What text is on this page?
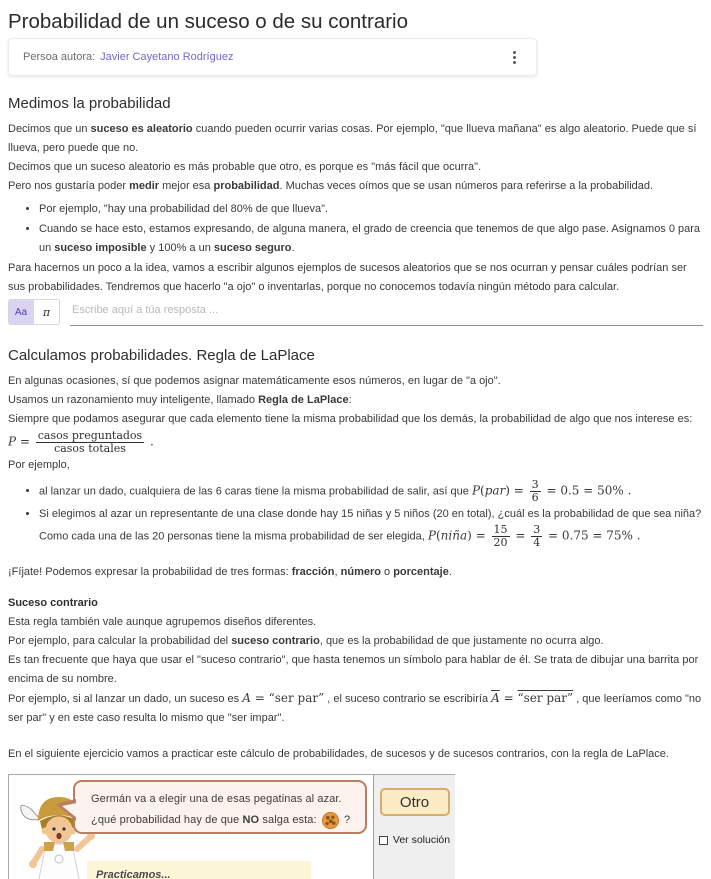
Probabilidad de un suceso o de su contrario
Persoa autora: Javier Cayetano Rodríguez
Medimos la probabilidad

Decimos que un suceso es aleatorio cuando pueden ocurrir varias cosas. Por ejemplo, "que llueva mañana" es algo aleatorio. Puede que sí llueva, pero puede que no.

Decimos que un suceso aleatorio es más probable que otro, es porque es "más fácil que ocurra".

Pero nos gustaría poder medir mejor esa probabilidad. Muchas veces oímos que se usan números para referirse a la probabilidad.

• Por ejemplo, "hay una probabilidad del 80% de que llueva".
• Cuando se hace esto, estamos expresando, de alguna manera, el grado de creencia que tenemos de que algo pase. Asignamos 0 para un suceso imposible y 100% a un suceso seguro.

Para hacernos un poco a la idea, vamos a escribir algunos ejemplos de sucesos aleatorios que se nos ocurran y pensar cuáles podrían ser sus probabilidades. Tendremos que hacerlo "a ojo" o inventarlas, porque no conocemos todavía ningún método para calcular.

Aa	π
Escribe aquí a túa resposta ...
Calculamos probabilidades. Regla de LaPlace

En algunas ocasiones, sí que podemos asignar matemáticamente esos números, en lugar de "a ojo".

Usamos un razonamiento muy inteligente, llamado Regla de LaPlace:

Siempre que podamos asegurar que cada elemento tiene la misma probabilidad que los demás, la probabilidad de algo que nos interese es:

$P = \frac{\text{casos preguntados}}{\text{casos totales}}$ .

Por ejemplo,

• al lanzar un dado, cualquiera de las 6 caras tiene la misma probabilidad de salir, así que $P(par) = \frac{3}{6} = 0.5 = 50\%$ .
• Si elegimos al azar un representante de una clase donde hay 15 niñas y 5 niños (20 en total), ¿cuál es la probabilidad de que sea niña?
Como cada una de las 20 personas tiene la misma probabilidad de ser elegida, P(niña) = $\frac{15}{20} = \frac{3}{4} = 0.75 = 75\%$ .

¡Fíjate! Podemos expresar la probabilidad de tres formas: fracción, número o porcentaje.

Suceso contrario

Esta regla también vale aunque agrupemos diseños diferentes.

Por ejemplo, para calcular la probabilidad del suceso contrario, que es la probabilidad de que justamente no ocurra algo.

Es tan frecuente que haya que usar el "suceso contrario", que hasta tenemos un símbolo para hablar de él. Se trata de dibujar una barrita por encima de su nombre.

Por ejemplo, si al lanzar un dado, un suceso es A = “ser par” , el suceso contrario se escribiría $\overline{A}$ = “ser par” , que leeríamos como "no ser par" y en este caso resulta lo mismo que "ser impar".

En el siguiente ejercicio vamos a practicar este cálculo de probabilidades, de sucesos y de sucesos contrarios, con la regla de LaPlace.

Germán va a elegir una de esas pegatinas al azar.
¿qué probabilidad hay de que NO salga esta:  ?
Practicamos...
Otro
Ver solución
